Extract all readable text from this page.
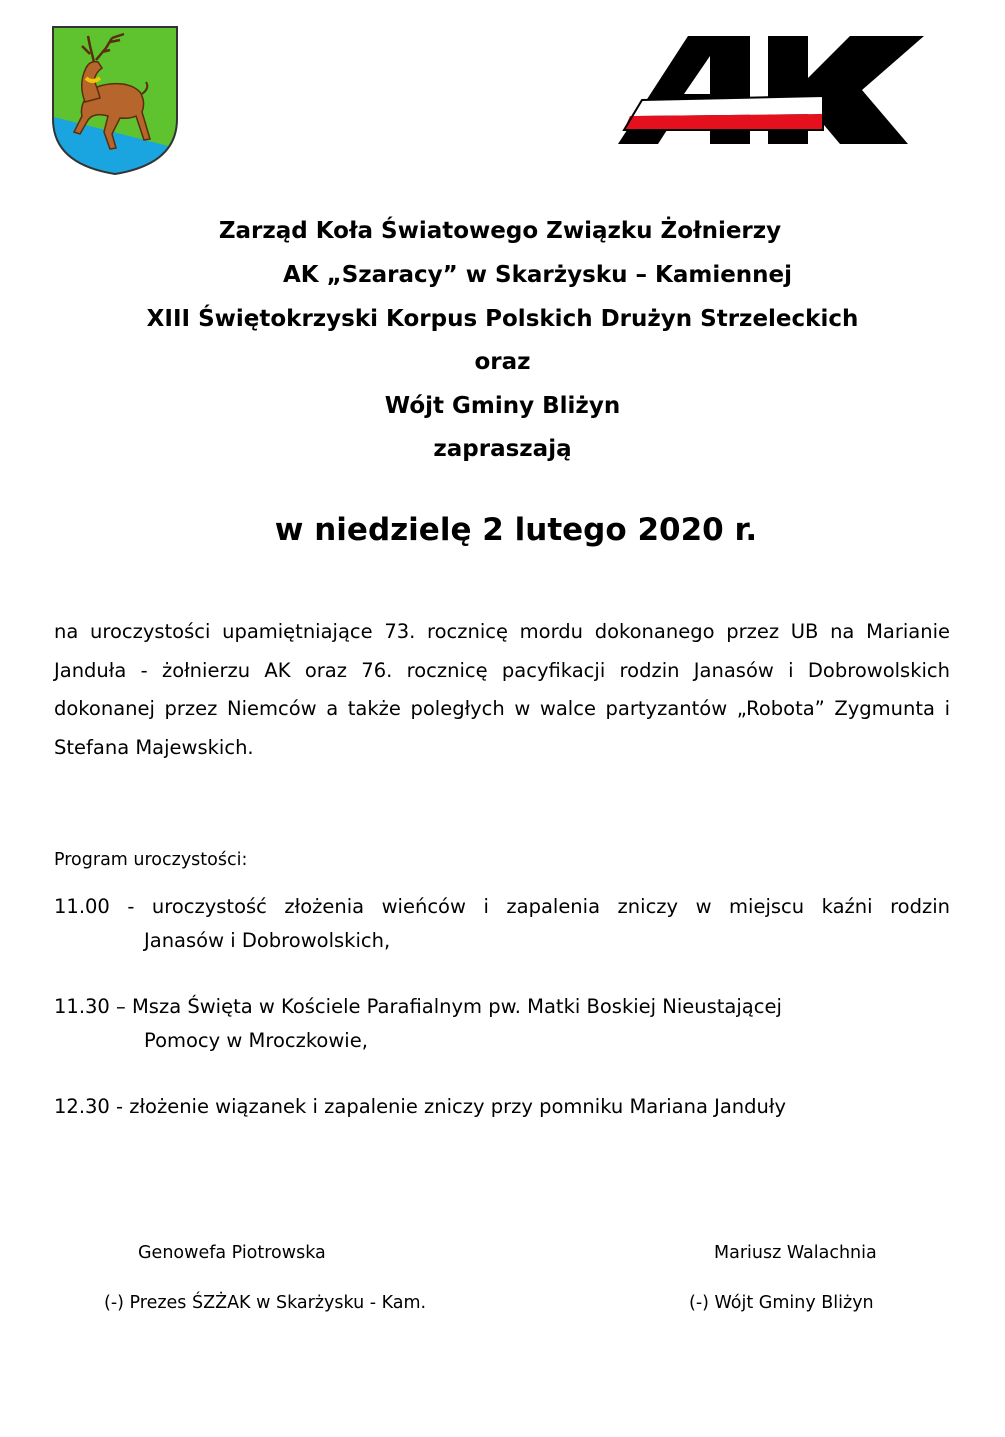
Zarząd Koła Światowego Związku Żołnierzy
AK „Szaracy” w Skarżysku – Kamiennej
XIII Świętokrzyski Korpus Polskich Drużyn Strzeleckich
oraz
Wójt Gminy Bliżyn
zapraszają
w niedzielę 2 lutego 2020 r.
na uroczystości upamiętniające 73. rocznicę mordu dokonanego przez UB na Marianie Janduła - żołnierzu AK oraz 76. rocznicę pacyfikacji rodzin Janasów i Dobrowolskich dokonanej przez Niemców a także poległych w walce partyzantów „Robota” Zygmunta i Stefana Majewskich.
Program uroczystości:
11.00 - uroczystość złożenia wieńców i zapalenia zniczy w miejscu kaźni rodzin
Janasów i Dobrowolskich,
11.30 – Msza Święta w Kościele Parafialnym pw. Matki Boskiej Nieustającej
Pomocy w Mroczkowie,
12.30 - złożenie wiązanek i zapalenie zniczy przy pomniku Mariana Janduły
Genowefa Piotrowska
(-) Prezes ŚZŻAK w Skarżysku - Kam.
Mariusz Walachnia
(-) Wójt Gminy Bliżyn
